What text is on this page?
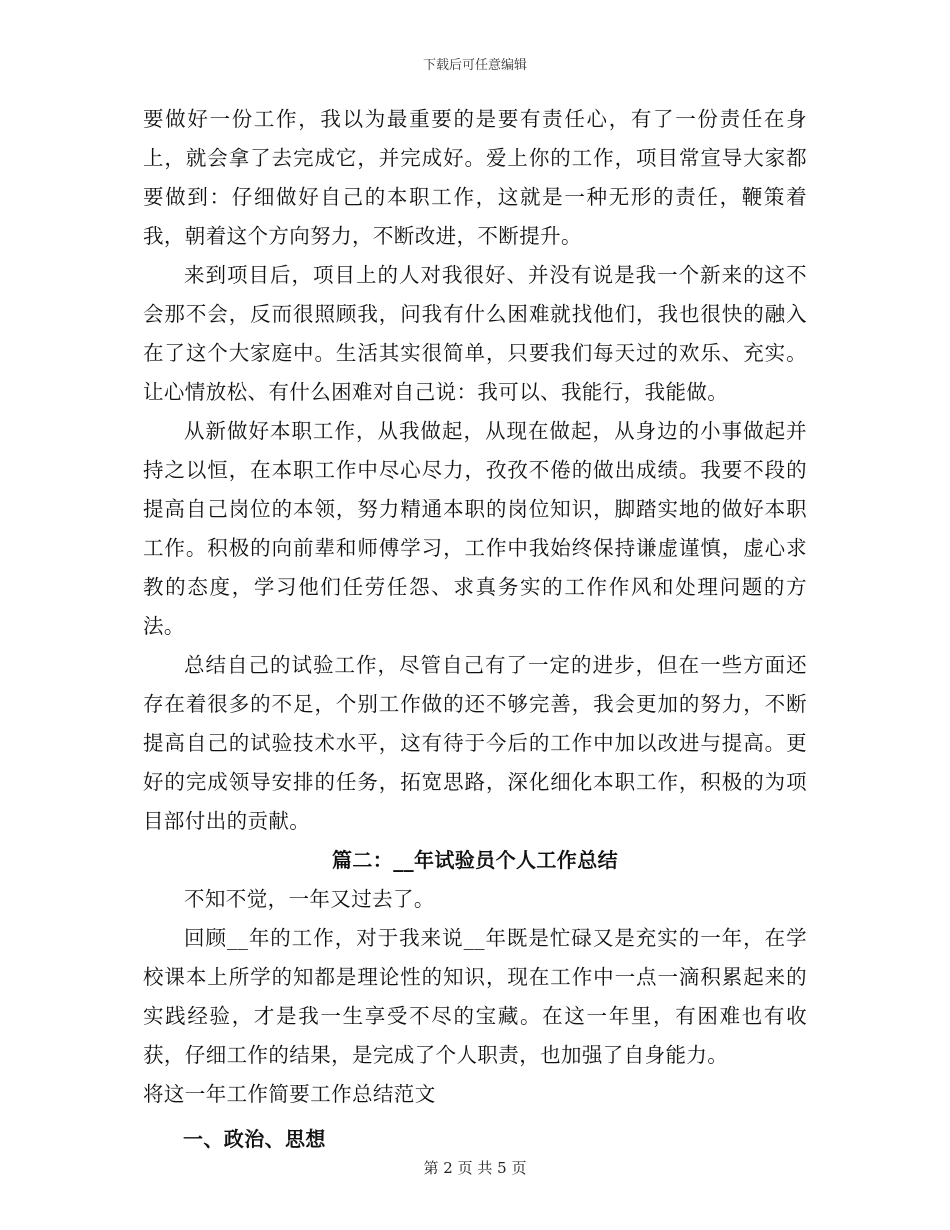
下载后可任意编辑

要做好一份工作，我以为最重要的是要有责任心，有了一份责任在身上，就会拿了去完成它，并完成好。爱上你的工作，项目常宣导大家都要做到：仔细做好自己的本职工作，这就是一种无形的责任，鞭策着我，朝着这个方向努力，不断改进，不断提升。

来到项目后，项目上的人对我很好、并没有说是我一个新来的这不会那不会，反而很照顾我，问我有什么困难就找他们，我也很快的融入在了这个大家庭中。生活其实很简单，只要我们每天过的欢乐、充实。让心情放松、有什么困难对自己说：我可以、我能行，我能做。

从新做好本职工作，从我做起，从现在做起，从身边的小事做起并持之以恒，在本职工作中尽心尽力，孜孜不倦的做出成绩。我要不段的提高自己岗位的本领，努力精通本职的岗位知识，脚踏实地的做好本职工作。积极的向前辈和师傅学习，工作中我始终保持谦虚谨慎，虚心求教的态度，学习他们任劳任怨、求真务实的工作作风和处理问题的方法。

总结自己的试验工作，尽管自己有了一定的进步，但在一些方面还存在着很多的不足，个别工作做的还不够完善，我会更加的努力，不断提高自己的试验技术水平，这有待于今后的工作中加以改进与提高。更好的完成领导安排的任务，拓宽思路，深化细化本职工作，积极的为项目部付出的贡献。

篇二：__年试验员个人工作总结

不知不觉，一年又过去了。

回顾__年的工作，对于我来说__年既是忙碌又是充实的一年，在学校课本上所学的知都是理论性的知识，现在工作中一点一滴积累起来的实践经验，才是我一生享受不尽的宝藏。在这一年里，有困难也有收获，仔细工作的结果，是完成了个人职责，也加强了自身能力。

将这一年工作简要工作总结范文

一、政治、思想

第 2 页 共 5 页
